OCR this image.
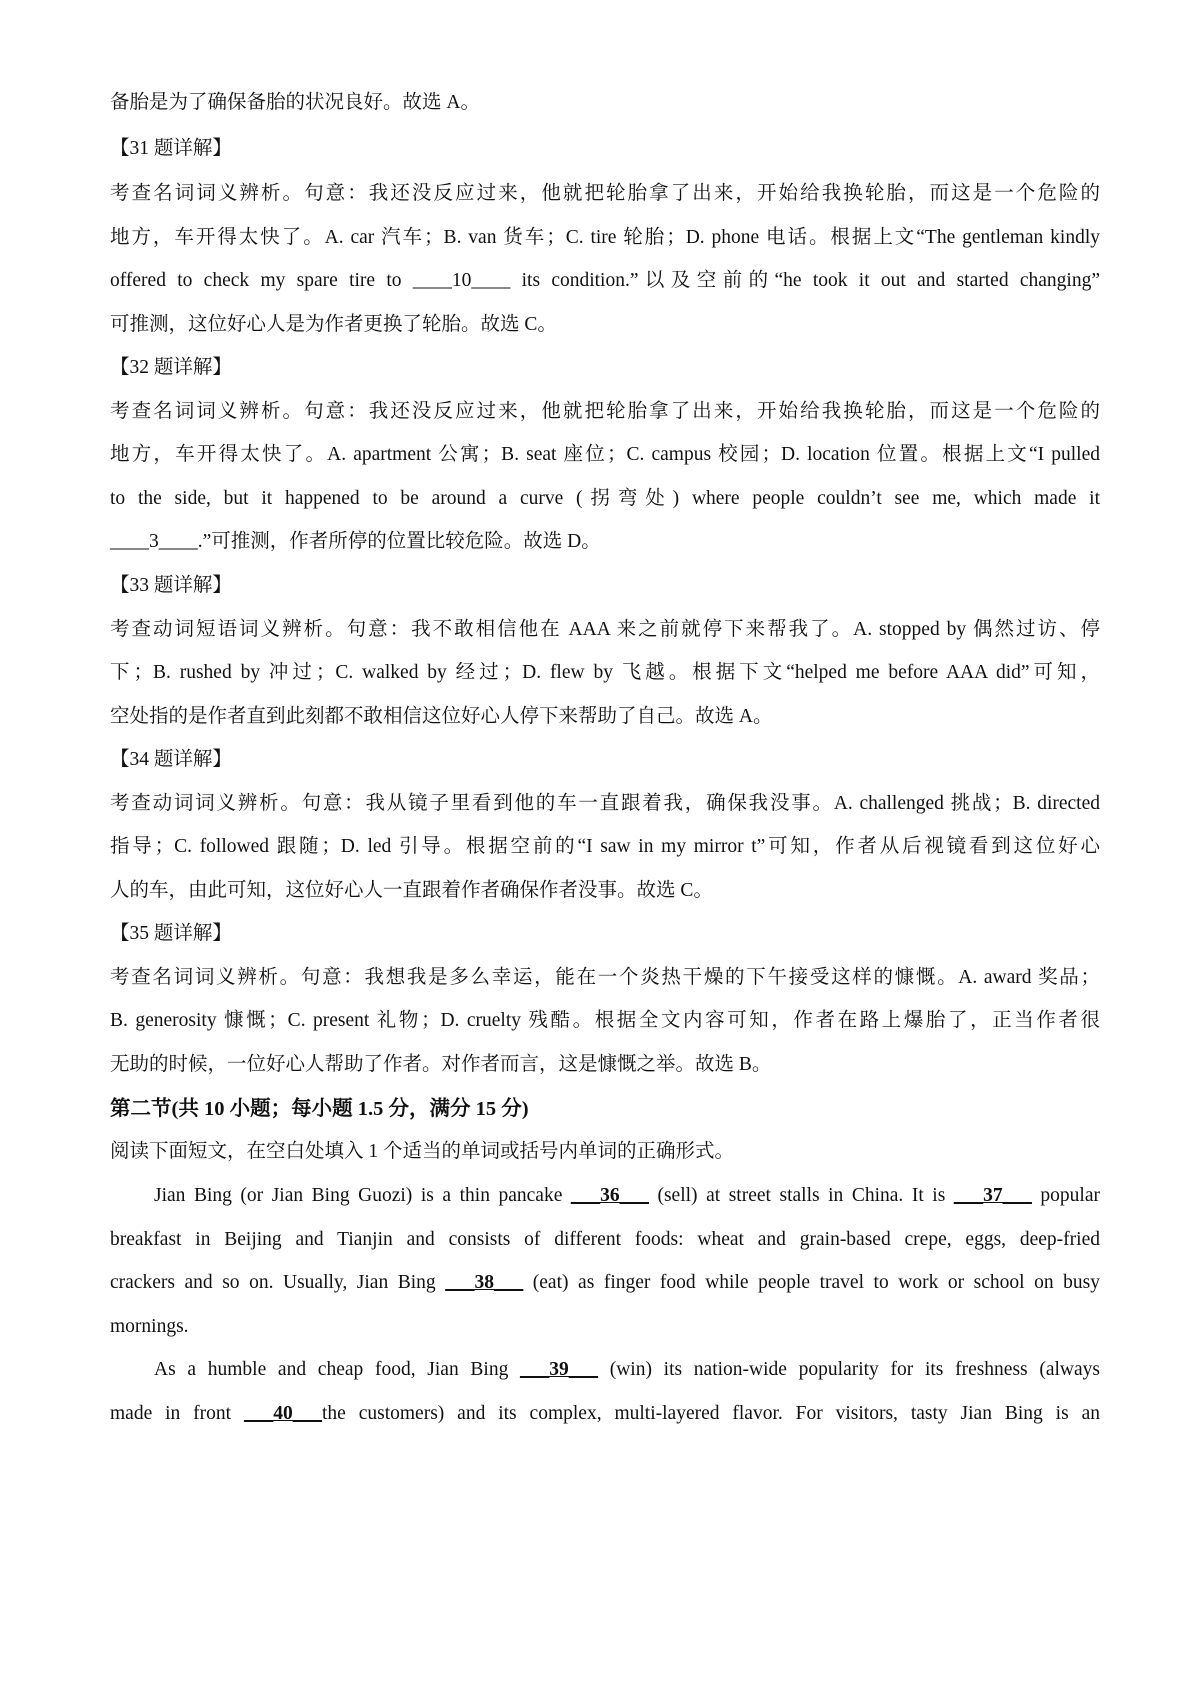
备胎是为了确保备胎的状况良好。故选 A。
【31 题详解】
考查名词词义辨析。句意：我还没反应过来，他就把轮胎拿了出来，开始给我换轮胎，而这是一个危险的
地方，车开得太快了。A. car 汽车；B. van 货车；C. tire 轮胎；D. phone 电话。根据上文“The gentleman kindly
offered to check my spare tire to ____10____ its condition.”以及空前的“he took it out and started changing”
可推测，这位好心人是为作者更换了轮胎。故选 C。
【32 题详解】
考查名词词义辨析。句意：我还没反应过来，他就把轮胎拿了出来，开始给我换轮胎，而这是一个危险的
地方，车开得太快了。A. apartment 公寓；B. seat 座位；C. campus 校园；D. location 位置。根据上文“I pulled
to the side, but it happened to be around a curve (拐弯处) where people couldn’t see me, which made it
____3____.”可推测，作者所停的位置比较危险。故选 D。
【33 题详解】
考查动词短语词义辨析。句意：我不敢相信他在 AAA 来之前就停下来帮我了。A. stopped by 偶然过访、停
下；B. rushed by 冲过；C. walked by 经过；D. flew by 飞越。根据下文“helped me before AAA did”可知，
空处指的是作者直到此刻都不敢相信这位好心人停下来帮助了自己。故选 A。
【34 题详解】
考查动词词义辨析。句意：我从镜子里看到他的车一直跟着我，确保我没事。A. challenged 挑战；B. directed
指导；C. followed 跟随；D. led 引导。根据空前的“I saw in my mirror t”可知，作者从后视镜看到这位好心
人的车，由此可知，这位好心人一直跟着作者确保作者没事。故选 C。
【35 题详解】
考查名词词义辨析。句意：我想我是多么幸运，能在一个炎热干燥的下午接受这样的慷慨。A. award 奖品；
B. generosity 慷慨；C. present 礼物；D. cruelty 残酷。根据全文内容可知，作者在路上爆胎了，正当作者很
无助的时候，一位好心人帮助了作者。对作者而言，这是慷慨之举。故选 B。
第二节(共 10 小题；每小题 1.5 分，满分 15 分)
阅读下面短文，在空白处填入 1 个适当的单词或括号内单词的正确形式。
Jian Bing (or Jian Bing Guozi) is a thin pancake ___36___ (sell) at street stalls in China. It is ___37___ popular
breakfast in Beijing and Tianjin and consists of different foods: wheat and grain-based crepe, eggs, deep-fried
crackers and so on. Usually, Jian Bing ___38___ (eat) as finger food while people travel to work or school on busy
mornings.
As a humble and cheap food, Jian Bing ___39___ (win) its nation-wide popularity for its freshness (always
made in front ___40___the customers) and its complex, multi-layered flavor. For visitors, tasty Jian Bing is an
